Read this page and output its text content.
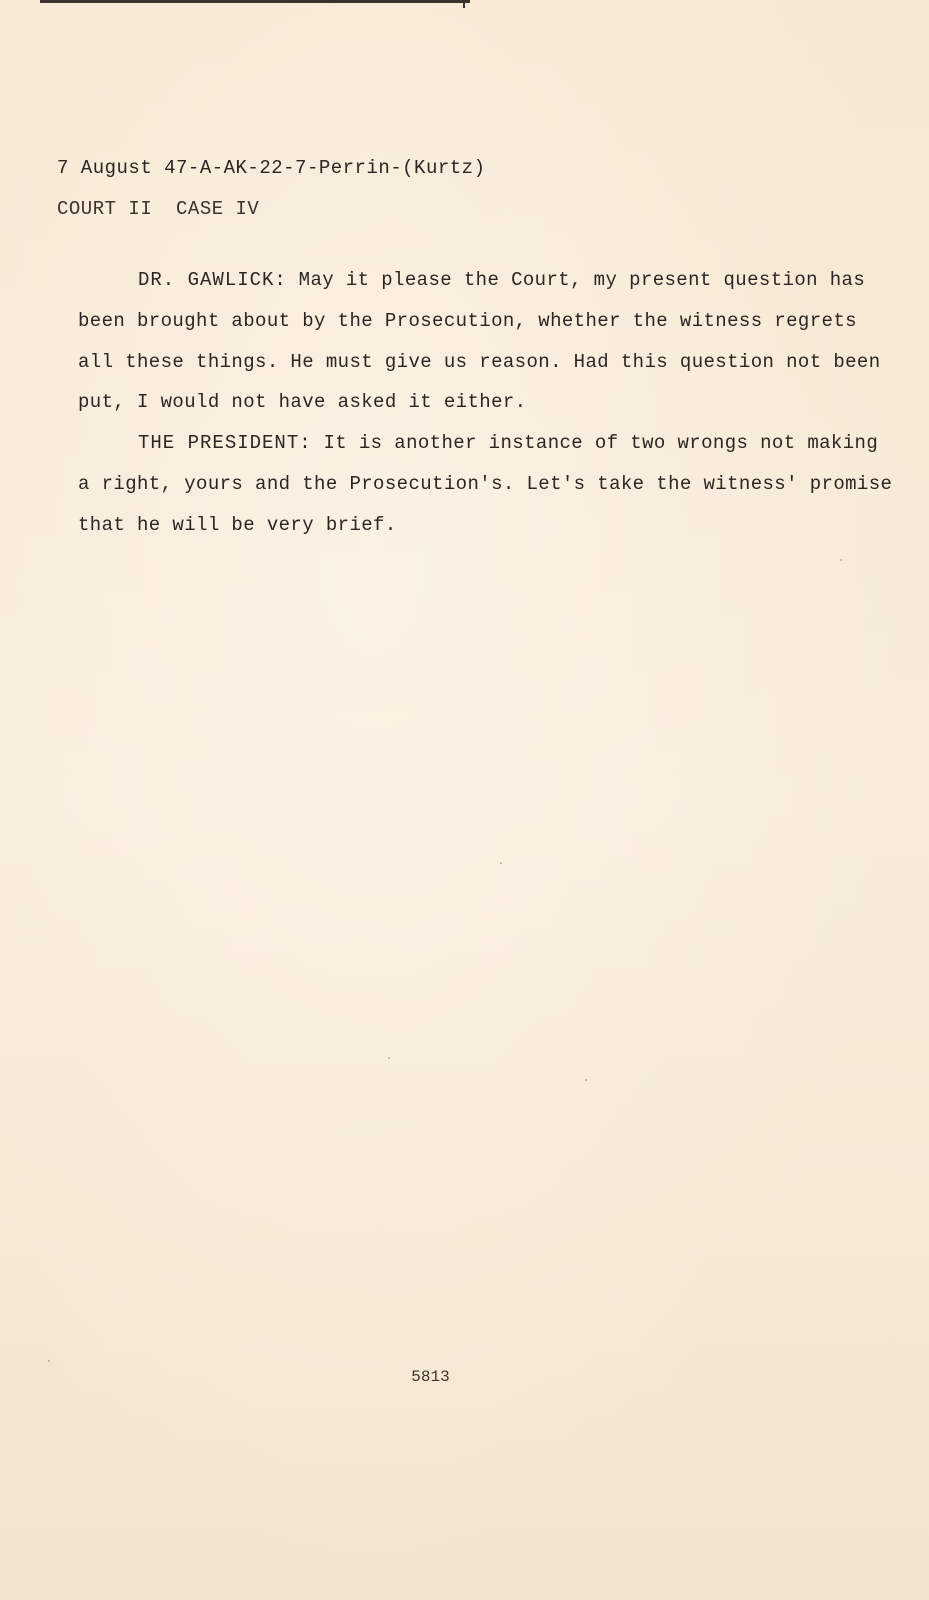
7 August 47-A-AK-22-7-Perrin-(Kurtz)
COURT II  CASE IV

DR. GAWLICK: May it please the Court, my present question has been brought about by the Prosecution, whether the witness regrets all these things. He must give us reason. Had this question not been put, I would not have asked it either.

THE PRESIDENT: It is another instance of two wrongs not making a right, yours and the Prosecution's. Let's take the witness' promise that he will be very brief.

5813
